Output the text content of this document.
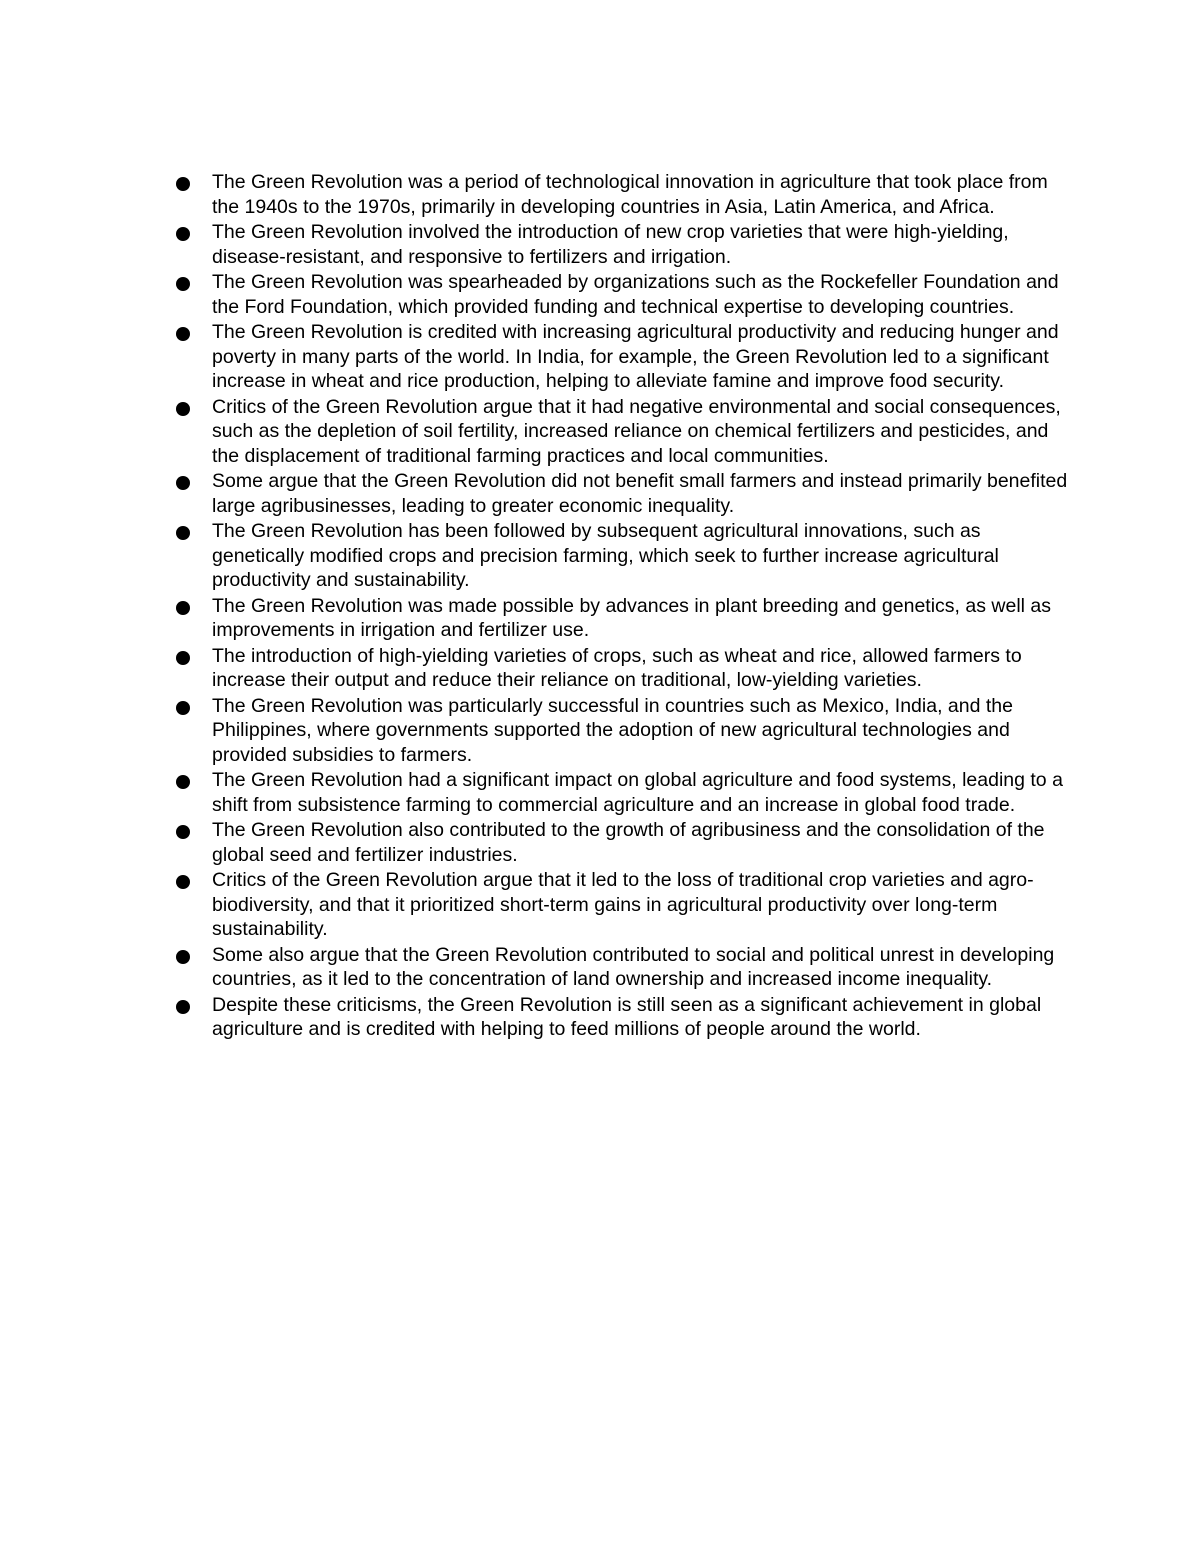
The Green Revolution was a period of technological innovation in agriculture that took place from the 1940s to the 1970s, primarily in developing countries in Asia, Latin America, and Africa.
The Green Revolution involved the introduction of new crop varieties that were high-yielding, disease-resistant, and responsive to fertilizers and irrigation.
The Green Revolution was spearheaded by organizations such as the Rockefeller Foundation and the Ford Foundation, which provided funding and technical expertise to developing countries.
The Green Revolution is credited with increasing agricultural productivity and reducing hunger and poverty in many parts of the world. In India, for example, the Green Revolution led to a significant increase in wheat and rice production, helping to alleviate famine and improve food security.
Critics of the Green Revolution argue that it had negative environmental and social consequences, such as the depletion of soil fertility, increased reliance on chemical fertilizers and pesticides, and the displacement of traditional farming practices and local communities.
Some argue that the Green Revolution did not benefit small farmers and instead primarily benefited large agribusinesses, leading to greater economic inequality.
The Green Revolution has been followed by subsequent agricultural innovations, such as genetically modified crops and precision farming, which seek to further increase agricultural productivity and sustainability.
The Green Revolution was made possible by advances in plant breeding and genetics, as well as improvements in irrigation and fertilizer use.
The introduction of high-yielding varieties of crops, such as wheat and rice, allowed farmers to increase their output and reduce their reliance on traditional, low-yielding varieties.
The Green Revolution was particularly successful in countries such as Mexico, India, and the Philippines, where governments supported the adoption of new agricultural technologies and provided subsidies to farmers.
The Green Revolution had a significant impact on global agriculture and food systems, leading to a shift from subsistence farming to commercial agriculture and an increase in global food trade.
The Green Revolution also contributed to the growth of agribusiness and the consolidation of the global seed and fertilizer industries.
Critics of the Green Revolution argue that it led to the loss of traditional crop varieties and agro-biodiversity, and that it prioritized short-term gains in agricultural productivity over long-term sustainability.
Some also argue that the Green Revolution contributed to social and political unrest in developing countries, as it led to the concentration of land ownership and increased income inequality.
Despite these criticisms, the Green Revolution is still seen as a significant achievement in global agriculture and is credited with helping to feed millions of people around the world.
